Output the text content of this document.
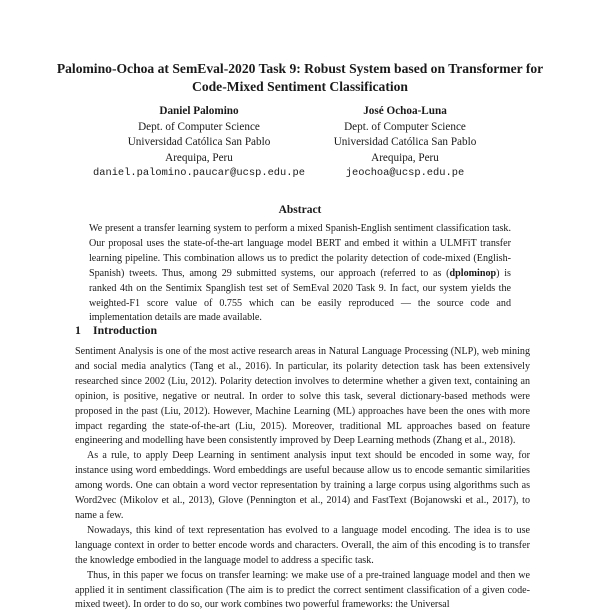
Palomino-Ochoa at SemEval-2020 Task 9: Robust System based on Transformer for Code-Mixed Sentiment Classification
Daniel Palomino
Dept. of Computer Science
Universidad Católica San Pablo
Arequipa, Peru
daniel.palomino.paucar@ucsp.edu.pe
José Ochoa-Luna
Dept. of Computer Science
Universidad Católica San Pablo
Arequipa, Peru
jeochoa@ucsp.edu.pe
Abstract
We present a transfer learning system to perform a mixed Spanish-English sentiment classification task. Our proposal uses the state-of-the-art language model BERT and embed it within a ULMFiT transfer learning pipeline. This combination allows us to predict the polarity detection of code-mixed (English-Spanish) tweets. Thus, among 29 submitted systems, our approach (referred to as (dplominop) is ranked 4th on the Sentimix Spanglish test set of SemEval 2020 Task 9. In fact, our system yields the weighted-F1 score value of 0.755 which can be easily reproduced — the source code and implementation details are made available.
1 Introduction

Sentiment Analysis is one of the most active research areas in Natural Language Processing (NLP), web mining and social media analytics (Tang et al., 2016). In particular, its polarity detection task has been extensively researched since 2002 (Liu, 2012). Polarity detection involves to determine whether a given text, containing an opinion, is positive, negative or neutral. In order to solve this task, several dictionary-based methods were proposed in the past (Liu, 2012). However, Machine Learning (ML) approaches have been the ones with more impact regarding the state-of-the-art (Liu, 2015). Moreover, traditional ML approaches based on feature engineering and modelling have been consistently improved by Deep Learning methods (Zhang et al., 2018).

As a rule, to apply Deep Learning in sentiment analysis input text should be encoded in some way, for instance using word embeddings. Word embeddings are useful because allow us to encode semantic similarities among words. One can obtain a word vector representation by training a large corpus using algorithms such as Word2vec (Mikolov et al., 2013), Glove (Pennington et al., 2014) and FastText (Bojanowski et al., 2017), to name a few.

Nowadays, this kind of text representation has evolved to a language model encoding. The idea is to use language context in order to better encode words and characters. Overall, the aim of this encoding is to transfer the knowledge embodied in the language model to address a specific task.

Thus, in this paper we focus on transfer learning: we make use of a pre-trained language model and then we applied it in sentiment classification (The aim is to predict the correct sentiment classification of a given code-mixed tweet). In order to do so, our work combines two powerful frameworks: the Universal
